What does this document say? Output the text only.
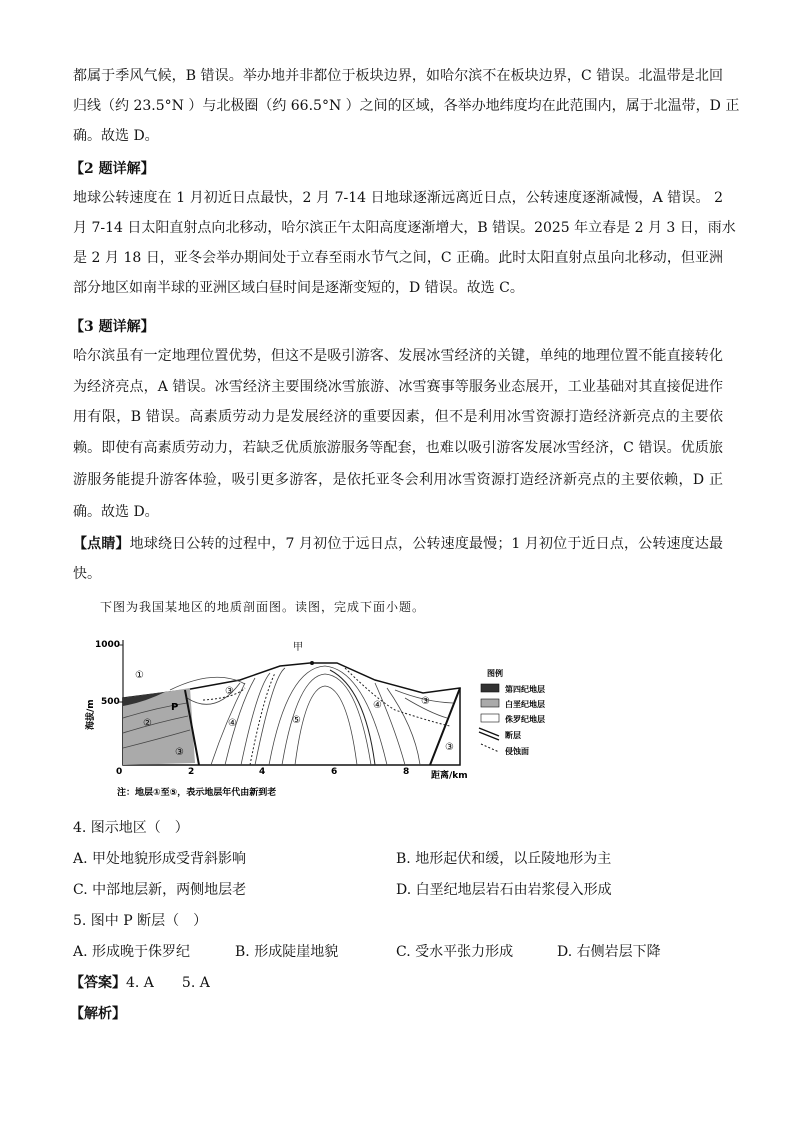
都属于季风气候，B 错误。举办地并非都位于板块边界，如哈尔滨不在板块边界，C 错误。北温带是北回
归线（约 23.5°N ）与北极圈（约 66.5°N ）之间的区域，各举办地纬度均在此范围内，属于北温带，D 正
确。故选 D。
【2 题详解】
地球公转速度在 1 月初近日点最快，2 月 7-14 日地球逐渐远离近日点，公转速度逐渐减慢，A 错误。 2
月 7-14 日太阳直射点向北移动，哈尔滨正午太阳高度逐渐增大，B 错误。2025 年立春是 2 月 3 日，雨水
是 2 月 18 日，亚冬会举办期间处于立春至雨水节气之间，C 正确。此时太阳直射点虽向北移动，但亚洲
部分地区如南半球的亚洲区域白昼时间是逐渐变短的，D 错误。故选 C。
【3 题详解】
哈尔滨虽有一定地理位置优势，但这不是吸引游客、发展冰雪经济的关键，单纯的地理位置不能直接转化
为经济亮点，A 错误。冰雪经济主要围绕冰雪旅游、冰雪赛事等服务业态展开，工业基础对其直接促进作
用有限，B 错误。高素质劳动力是发展经济的重要因素，但不是利用冰雪资源打造经济新亮点的主要依
赖。即使有高素质劳动力，若缺乏优质旅游服务等配套，也难以吸引游客发展冰雪经济，C 错误。优质旅
游服务能提升游客体验，吸引更多游客，是依托亚冬会利用冰雪资源打造经济新亮点的主要依赖，D 正
确。故选 D。
【点睛】地球绕日公转的过程中，7 月初位于远日点，公转速度最慢；1 月初位于近日点，公转速度达最
快。
下图为我国某地区的地质剖面图。读图，完成下面小题。
海拔/m
1000
500
0	2	4	6	8 距离/km
①
②
③
④	⑤
④	③
③	③
甲
P
图例
第四纪地层
白垩纪地层
侏罗纪地层
断层
侵蚀面
注：地层①至⑤，表示地层年代由新到老
4. 图示地区（　）
A. 甲处地貌形成受背斜影响	B. 地形起伏和缓，以丘陵地形为主
C. 中部地层新，两侧地层老	D. 白垩纪地层岩石由岩浆侵入形成
5. 图中 P 断层（　）
A. 形成晚于侏罗纪	B. 形成陡崖地貌	C. 受水平张力形成	D. 右侧岩层下降
【答案】4. A　　5. A
【解析】
